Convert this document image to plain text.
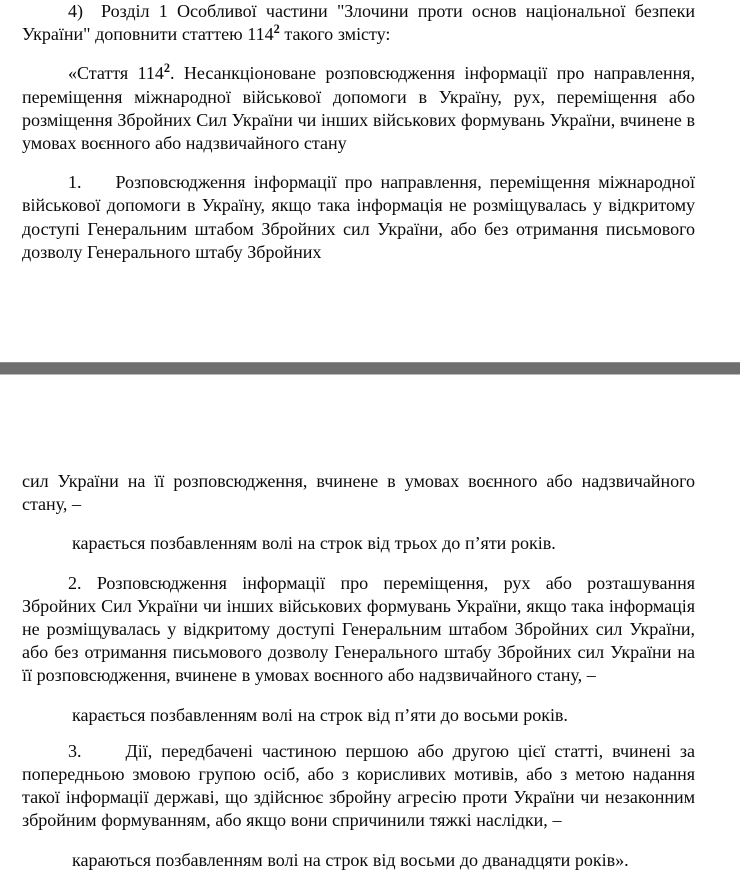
4) Розділ 1 Особливої частини "Злочини проти основ національної безпеки України" доповнити статтею $114^2$ такого змісту:

«Стаття $114^2$. Несанкціоноване розповсюдження інформації про направлення, переміщення міжнародної військової допомоги в Україну, рух, переміщення або розміщення Збройних Сил України чи інших військових формувань України, вчинене в умовах воєнного або надзвичайного стану

1. Розповсюдження інформації про направлення, переміщення міжнародної військової допомоги в Україну, якщо така інформація не розміщувалась у відкритому доступі Генеральним штабом Збройних сил України, або без отримання письмового дозволу Генерального штабу Збройних

сил України на її розповсюдження, вчинене в умовах воєнного або надзвичайного стану, –

карається позбавленням волі на строк від трьох до п’яти років.

2. Розповсюдження інформації про переміщення, рух або розташування Збройних Сил України чи інших військових формувань України, якщо така інформація не розміщувалась у відкритому доступі Генеральним штабом Збройних сил України, або без отримання письмового дозволу Генерального штабу Збройних сил України на її розповсюдження, вчинене в умовах воєнного або надзвичайного стану, –

карається позбавленням волі на строк від п’яти до восьми років.

3. Дії, передбачені частиною першою або другою цієї статті, вчинені за попередньою змовою групою осіб, або з корисливих мотивів, або з метою надання такої інформації державі, що здійснює збройну агресію проти України чи незаконним збройним формуванням, або якщо вони спричинили тяжкі наслідки, –

караються позбавленням волі на строк від восьми до дванадцяти років».
